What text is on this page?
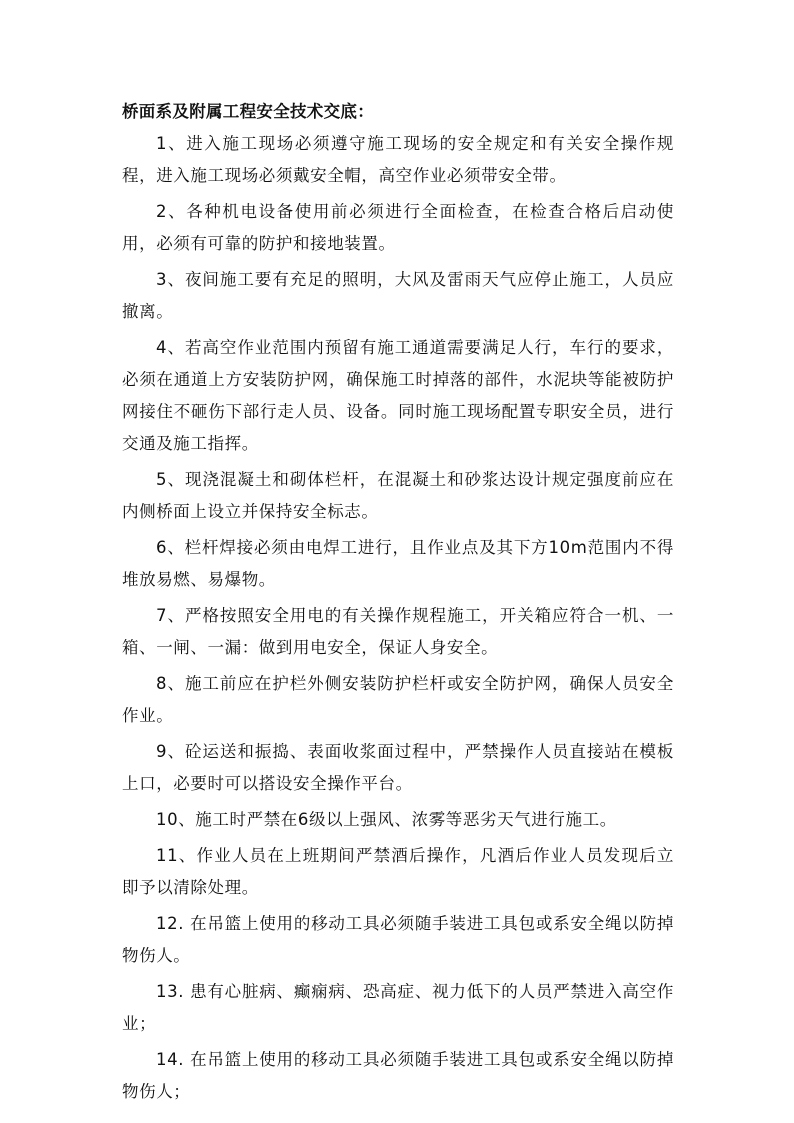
桥面系及附属工程安全技术交底：

1、进入施工现场必须遵守施工现场的安全规定和有关安全操作规程，进入施工现场必须戴安全帽，高空作业必须带安全带。

2、各种机电设备使用前必须进行全面检查，在检查合格后启动使用，必须有可靠的防护和接地装置。

3、夜间施工要有充足的照明，大风及雷雨天气应停止施工，人员应撤离。

4、若高空作业范围内预留有施工通道需要满足人行，车行的要求，必须在通道上方安装防护网，确保施工时掉落的部件，水泥块等能被防护网接住不砸伤下部行走人员、设备。同时施工现场配置专职安全员，进行交通及施工指挥。

5、现浇混凝土和砌体栏杆，在混凝土和砂浆达设计规定强度前应在内侧桥面上设立并保持安全标志。

6、栏杆焊接必须由电焊工进行，且作业点及其下方10m范围内不得堆放易燃、易爆物。

7、严格按照安全用电的有关操作规程施工，开关箱应符合一机、一箱、一闸、一漏：做到用电安全，保证人身安全。

8、施工前应在护栏外侧安装防护栏杆或安全防护网，确保人员安全作业。

9、砼运送和振捣、表面收浆面过程中，严禁操作人员直接站在模板上口，必要时可以搭设安全操作平台。

10、施工时严禁在6级以上强风、浓雾等恶劣天气进行施工。

11、作业人员在上班期间严禁酒后操作，凡酒后作业人员发现后立即予以清除处理。

12. 在吊篮上使用的移动工具必须随手装进工具包或系安全绳以防掉物伤人。

13. 患有心脏病、癫痫病、恐高症、视力低下的人员严禁进入高空作业；

14. 在吊篮上使用的移动工具必须随手装进工具包或系安全绳以防掉物伤人；
